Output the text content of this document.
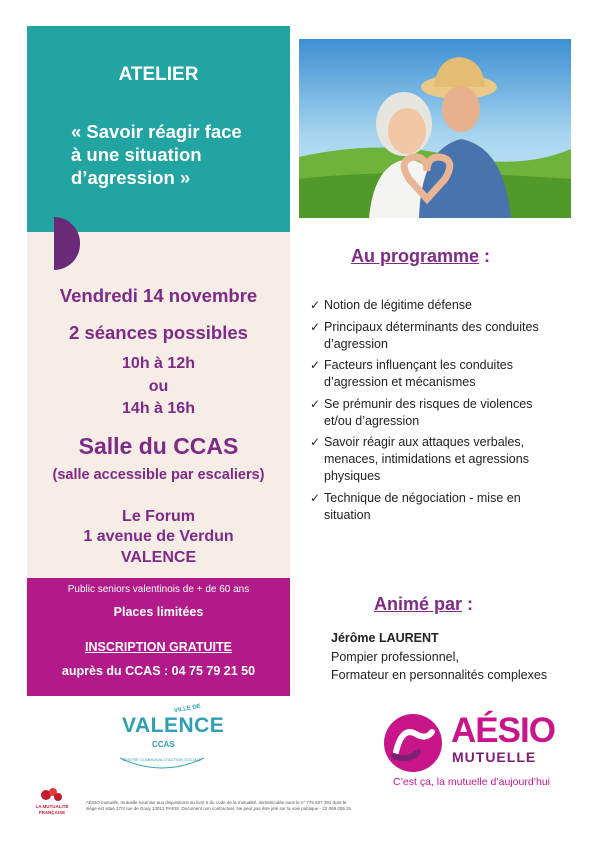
ATELIER
« Savoir réagir face
à une situation
d’agression »
Vendredi 14 novembre
2 séances possibles
10h à 12h
ou
14h à 16h
Salle du CCAS
(salle accessible par escaliers)
Le Forum
1 avenue de Verdun
VALENCE
Public seniors valentinois de + de 60 ans
Places limitées
INSCRIPTION GRATUITE
auprès du CCAS : 04 75 79 21 50
Au programme :
✓ Notion de légitime défense
✓ Principaux déterminants des conduites
d’agression
✓ Facteurs influençant les conduites
d’agression et mécanismes
✓ Se prémunir des risques de violences
et/ou d’agression
✓ Savoir réagir aux attaques verbales,
menaces, intimidations et agressions
physiques
✓ Technique de négociation - mise en
situation
Animé par :
Jérôme LAURENT
Pompier professionnel,
Formateur en personnalités complexes
VILLE DE
VALENCE
CCAS
CENTRE COMMUNAL D’ACTION SOCIALE
AÉSIO
MUTUELLE
C’est ça, la mutuelle d’aujourd’hui
LA MUTUALITÉ
FRANÇAISE
AÉSIO mutuelle, mutuelle soumise aux dispositions du livre II du code de la mutualité, immatriculée sous le n° 775 627 391 dont le
siège est situé 17/3 rue de Gouy 13012 PARIS. Document non contractuel. Ne peut pas être jeté sur la voie publique - 23 069 005 31
